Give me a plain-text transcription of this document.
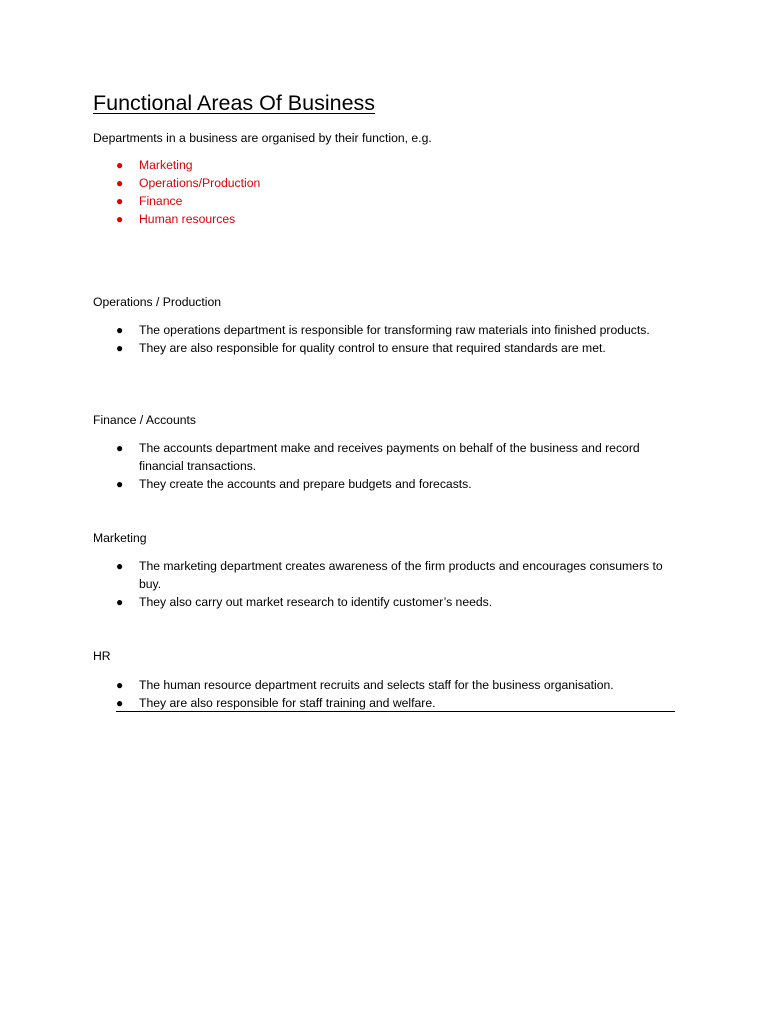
Functional Areas Of Business

Departments in a business are organised by their function, e.g.

● Marketing
● Operations/Production
● Finance
● Human resources

Operations / Production

● The operations department is responsible for transforming raw materials into finished products.
● They are also responsible for quality control to ensure that required standards are met.

Finance / Accounts

● The accounts department make and receives payments on behalf of the business and record financial transactions.
● They create the accounts and prepare budgets and forecasts.

Marketing

● The marketing department creates awareness of the firm products and encourages consumers to buy.
● They also carry out market research to identify customer’s needs.

HR

● The human resource department recruits and selects staff for the business organisation.
● They are also responsible for staff training and welfare.
